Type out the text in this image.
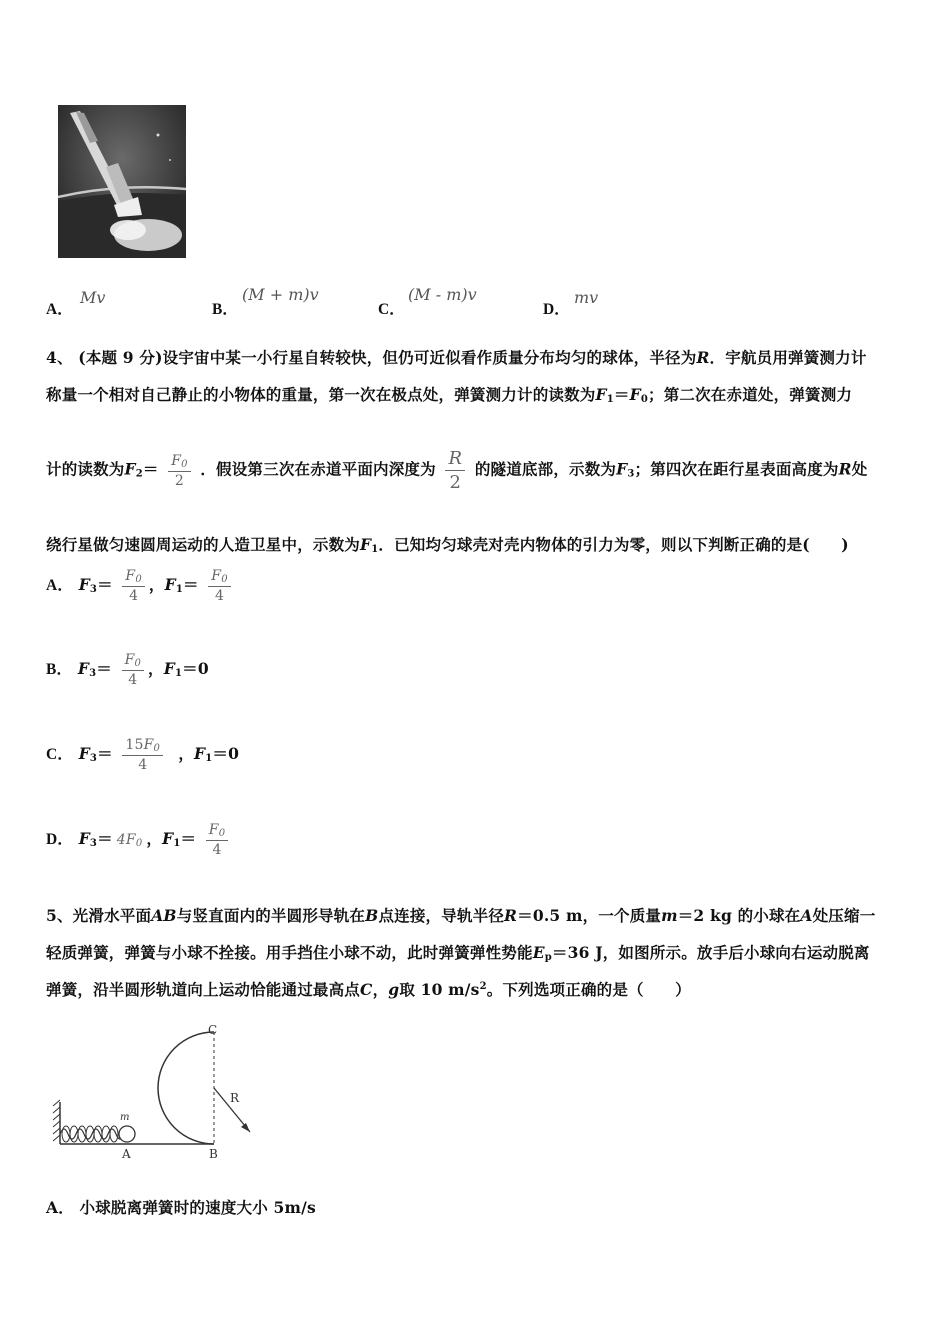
A．
Mv
B．
(M + m)v
C．
(M - m)v
D．
mv
4、 (本题 9 分)设宇宙中某一小行星自转较快，但仍可近似看作质量分布均匀的球体，半径为R．宇航员用弹簧测力计
称量一个相对自己静止的小物体的重量，第一次在极点处，弹簧测力计的读数为$F_1=F_0$；第二次在赤道处，弹簧测力
计的读数为$F_2= \frac{F_0}{2}$ ．假设第三次在赤道平面内深度为 $\frac{R}{2}$ 的隧道底部，示数为$F_3$；第四次在距行星表面高度为R处
绕行星做匀速圆周运动的人造卫星中，示数为$F_1$．已知均匀球壳对壳内物体的引力为零，则以下判断正确的是(　　)
A． $F_3= \frac{F_0}{4}$ ，$F_1= \frac{F_0}{4}$
B． $F_3= \frac{F_0}{4}$ ，$F_1=0$
C． $F_3= \frac{15F_0}{4}$ ，$F_1=0$
D． $F_3= 4F_0$ ，$F_1= \frac{F_0}{4}$
5、光滑水平面AB与竖直面内的半圆形导轨在B点连接，导轨半径R＝0.5 m，一个质量m＝2 kg 的小球在A处压缩一
轻质弹簧，弹簧与小球不拴接。用手挡住小球不动，此时弹簧弹性势能$E_p=36$ J，如图所示。放手后小球向右运动脱离
弹簧，沿半圆形轨道向上运动恰能通过最高点C，g取 10 $m/s^2$。下列选项正确的是（　　）
m
R
C
A	B
A． 小球脱离弹簧时的速度大小 5m/s
